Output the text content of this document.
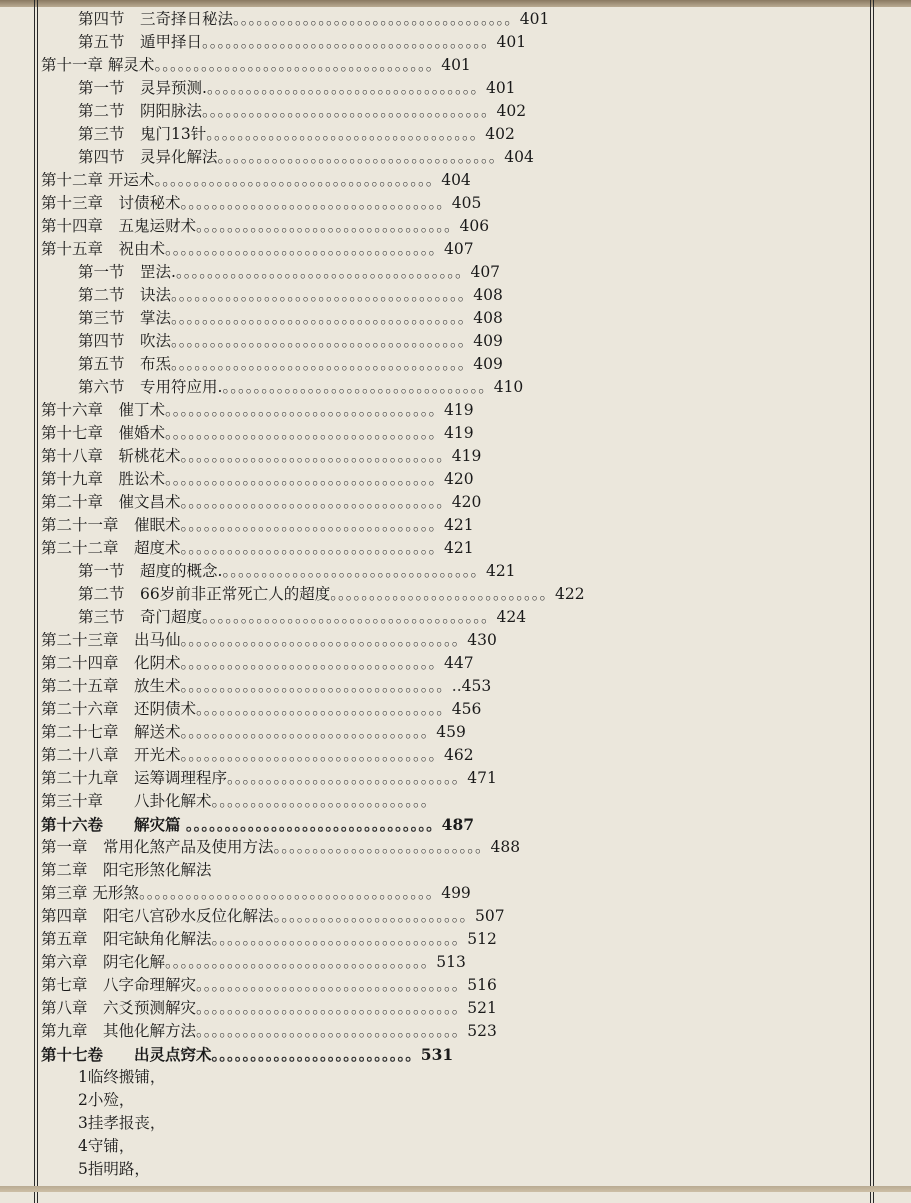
第四节　三奇择日秘法。。。。。。。。。。。。。。。。。。。。。。。。。。。。。。。。。。。。401
第五节　遁甲择日。。。。。。。。。。。。。。。。。。。。。。。。。。。。。。。。。。。。。401
第十一章 解灵术。。。。。。。。。。。。。。。。。。。。。。。。。。。。。。。。。。。。401
第一节　灵异预测.。。。。。。。。。。。。。。。。。。。。。。。。。。。。。。。。。。。401
第二节　阴阳脉法。。。。。。。。。。。。。。。。。。。。。。。。。。。。。。。。。。。。。402
第三节　鬼门13针。。。。。。。。。。。。。。。。。。。。。。。。。。。。。。。。。。。402
第四节　灵异化解法。。。。。。。。。。。。。。。。。。。。。。。。。。。。。。。。。。。。404
第十二章 开运术。。。。。。。。。。。。。。。。。。。。。。。。。。。。。。。。。。。。404
第十三章　讨债秘术。。。。。。。。。。。。。。。。。。。。。。。。。。。。。。。。。。405
第十四章　五鬼运财术。。。。。。。。。。。。。。。。。。。。。。。。。。。。。。。。。406
第十五章　祝由术。。。。。。。。。。。。。。。。。。。。。。。。。。。。。。。。。。。407
第一节　罡法.。。。。。。。。。。。。。。。。。。。。。。。。。。。。。。。。。。。。。407
第二节　诀法。。。。。。。。。。。。。。。。。。。。。。。。。。。。。。。。。。。。。。408
第三节　掌法。。。。。。。。。。。。。。。。。。。。。。。。。。。。。。。。。。。。。。408
第四节　吹法。。。。。。。。。。。。。。。。。。。。。。。。。。。。。。。。。。。。。。409
第五节　布炁。。。。。。。。。。。。。。。。。。。。。。。。。。。。。。。。。。。。。。409
第六节　专用符应用.。。。。。。。。。。。。。。。。。。。。。。。。。。。。。。。。。。410
第十六章　催丁术。。。。。。。。。。。。。。。。。。。。。。。。。。。。。。。。。。。419
第十七章　催婚术。。。。。。。。。。。。。。。。。。。。。。。。。。。。。。。。。。。419
第十八章　斩桃花术。。。。。。。。。。。。。。。。。。。。。。。。。。。。。。。。。。419
第十九章　胜讼术。。。。。。。。。。。。。。。。。。。。。。。。。。。。。。。。。。。420
第二十章　催文昌术。。。。。。。。。。。。。。。。。。。。。。。。。。。。。。。。。。420
第二十一章　催眠术。。。。。。。。。。。。。。。。。。。。。。。。。。。。。。。。。421
第二十二章　超度术。。。。。。。。。。。。。。。。。。。。。。。。。。。。。。。。。421
第一节　超度的概念.。。。。。。。。。。。。。。。。。。。。。。。。。。。。。。。。。421
第二节　66岁前非正常死亡人的超度。。。。。。。。。。。。。。。。。。。。。。。。。。。。422
第三节　奇门超度。。。。。。。。。。。。。。。。。。。。。。。。。。。。。。。。。。。。。424
第二十三章　出马仙。。。。。。。。。。。。。。。。。。。。。。。。。。。。。。。。。。。。430
第二十四章　化阴术。。。。。。。。。。。。。。。。。。。。。。。。。。。。。。。。。447
第二十五章　放生术。。。。。。。。。。。。。。。。。。。。。。。。。。。。。。。。。。..453
第二十六章　还阴债术。。。。。。。。。。。。。。。。。。。。。。。。。。。。。。。。456
第二十七章　解送术。。。。。。。。。。。。。。。。。。。。。。。。。。。。。。。。459
第二十八章　开光术。。。。。。。。。。。。。。。。。。。。。。。。。。。。。。。。。462
第二十九章　运筹调理程序。。。。。。。。。。。。。。。。。。。。。。。。。。。。。。471
第三十章　　八卦化解术。。。。。。。。。。。。。。。。。。。。。。。。。。。。
第十六卷　　解灾篇 。。。。。。。。。。。。。。。。。。。。。。。。。。。。。。。。487
第一章　常用化煞产品及使用方法。。。。。。。。。。。。。。。。。。。。。。。。。。。488
第二章　阳宅形煞化解法
第三章 无形煞。。。。。。。。。。。。。。。。。。。。。。。。。。。。。。。。。。。。。。499
第四章　阳宅八宫砂水反位化解法。。。。。。。。。。。。。。。。。。。。。。。。。507
第五章　阳宅缺角化解法。。。。。。。。。。。。。。。。。。。。。。。。。。。。。。。。512
第六章　阴宅化解。。。。。。。。。。。。。。。。。。。。。。。。。。。。。。。。。。513
第七章　八字命理解灾。。。。。。。。。。。。。。。。。。。。。。。。。。。。。。。。。。516
第八章　六爻预测解灾。。。。。。。。。。。。。。。。。。。。。。。。。。。。。。。。。。521
第九章　其他化解方法。。。。。。。。。。。。。。。。。。。。。。。。。。。。。。。。。。523
第十七卷　　出灵点窍术。。。。。。。。。。。。。。。。。。。。。。。。。。531
1临终搬铺，
2小殓，
3挂孝报丧，
4守铺，
5指明路，
